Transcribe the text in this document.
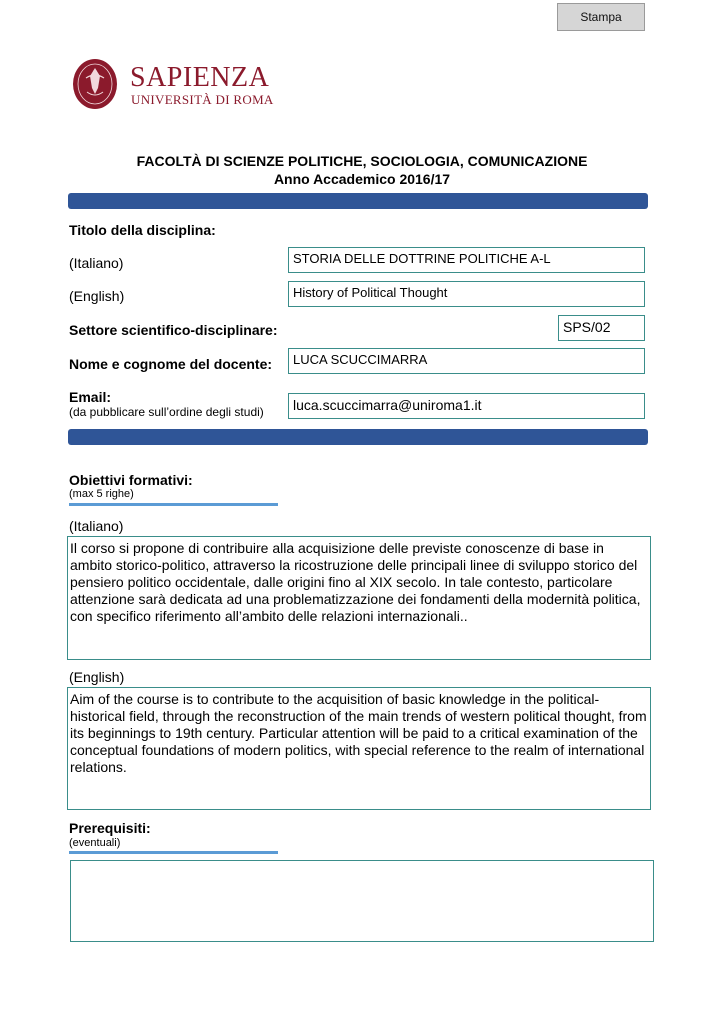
Stampa
SAPIENZA
UNIVERSITÀ DI ROMA
FACOLTÀ DI SCIENZE POLITICHE, SOCIOLOGIA, COMUNICAZIONE
Anno Accademico 2016/17
Titolo della disciplina:
(Italiano)	STORIA DELLE DOTTRINE POLITICHE A-L
(English)	History of Political Thought
Settore scientifico-disciplinare:	SPS/02
Nome e cognome del docente:	LUCA SCUCCIMARRA
Email:
(da pubblicare sull’ordine degli studi)	luca.scuccimarra@uniroma1.it
Obiettivi formativi:
(max 5 righe)
(Italiano)
Il corso si propone di contribuire alla acquisizione delle previste conoscenze di base in ambito storico-politico, attraverso la ricostruzione delle principali linee di sviluppo storico del pensiero politico occidentale, dalle origini fino al XIX secolo. In tale contesto, particolare attenzione sarà dedicata ad una problematizzazione dei fondamenti della modernità politica, con specifico riferimento all’ambito delle relazioni internazionali..
(English)
Aim of the course is to contribute to the acquisition of basic knowledge in the political-historical field, through the reconstruction of the main trends of western political thought, from its beginnings to 19th century. Particular attention will be paid to a critical examination of the conceptual foundations of modern politics, with special reference to the realm of international relations.
Prerequisiti:
(eventuali)
